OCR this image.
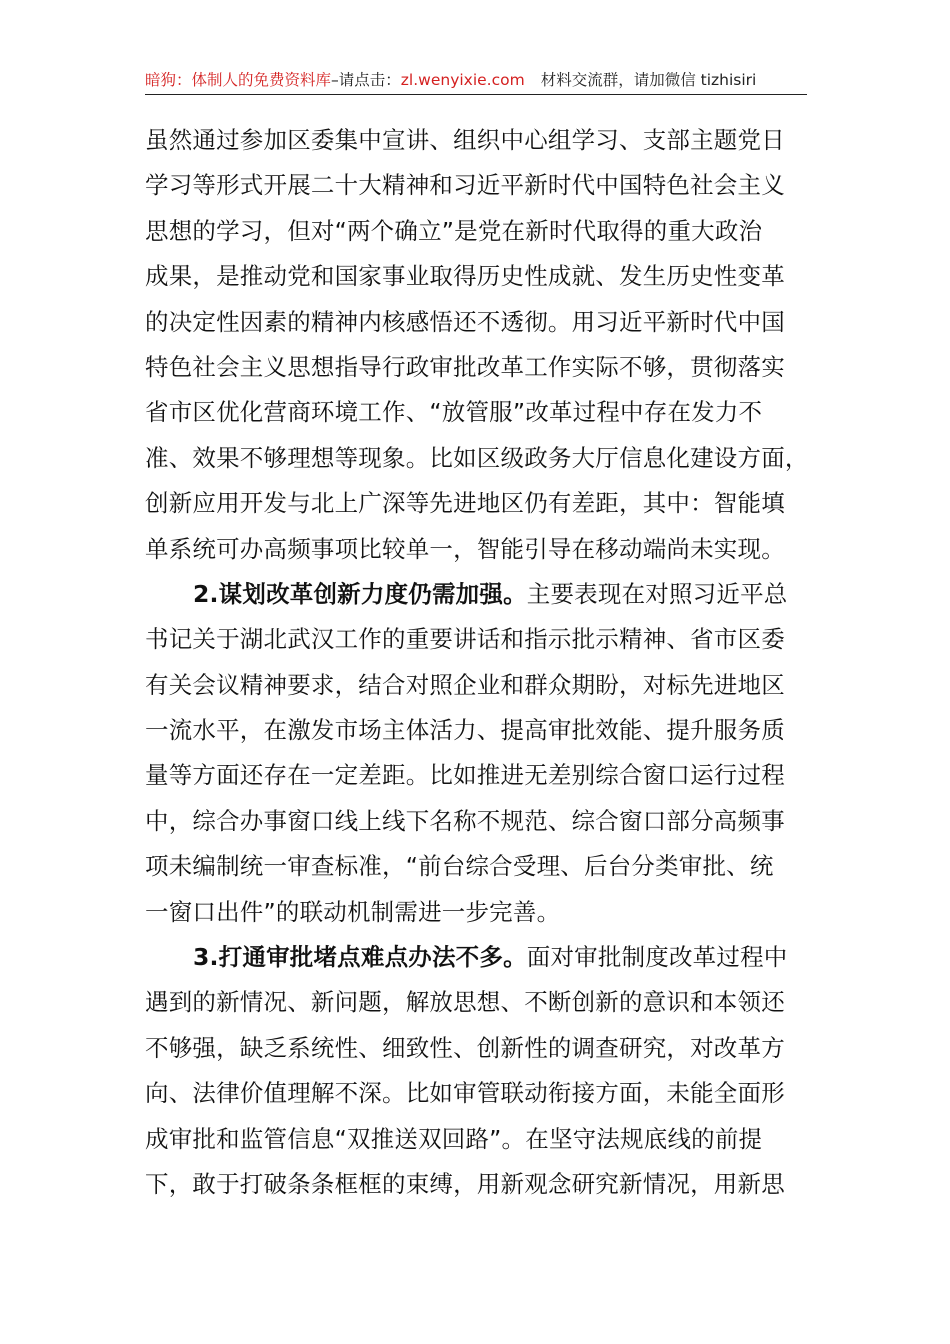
暗狗：体制人的免费资料库–请点击：zl.wenyixie.com 材料交流群，请加微信 tizhisiri
虽然通过参加区委集中宣讲、组织中心组学习、支部主题党日
学习等形式开展二十大精神和习近平新时代中国特色社会主义
思想的学习，但对“两个确立”是党在新时代取得的重大政治
成果，是推动党和国家事业取得历史性成就、发生历史性变革
的决定性因素的精神内核感悟还不透彻。用习近平新时代中国
特色社会主义思想指导行政审批改革工作实际不够，贯彻落实
省市区优化营商环境工作、“放管服”改革过程中存在发力不
准、效果不够理想等现象。比如区级政务大厅信息化建设方面，
创新应用开发与北上广深等先进地区仍有差距，其中：智能填
单系统可办高频事项比较单一，智能引导在移动端尚未实现。
2.谋划改革创新力度仍需加强。主要表现在对照习近平总
书记关于湖北武汉工作的重要讲话和指示批示精神、省市区委
有关会议精神要求，结合对照企业和群众期盼，对标先进地区
一流水平，在激发市场主体活力、提高审批效能、提升服务质
量等方面还存在一定差距。比如推进无差别综合窗口运行过程
中，综合办事窗口线上线下名称不规范、综合窗口部分高频事
项未编制统一审查标准，“前台综合受理、后台分类审批、统
一窗口出件”的联动机制需进一步完善。
3.打通审批堵点难点办法不多。面对审批制度改革过程中
遇到的新情况、新问题，解放思想、不断创新的意识和本领还
不够强，缺乏系统性、细致性、创新性的调查研究，对改革方
向、法律价值理解不深。比如审管联动衔接方面，未能全面形
成审批和监管信息“双推送双回路”。在坚守法规底线的前提
下，敢于打破条条框框的束缚，用新观念研究新情况，用新思
